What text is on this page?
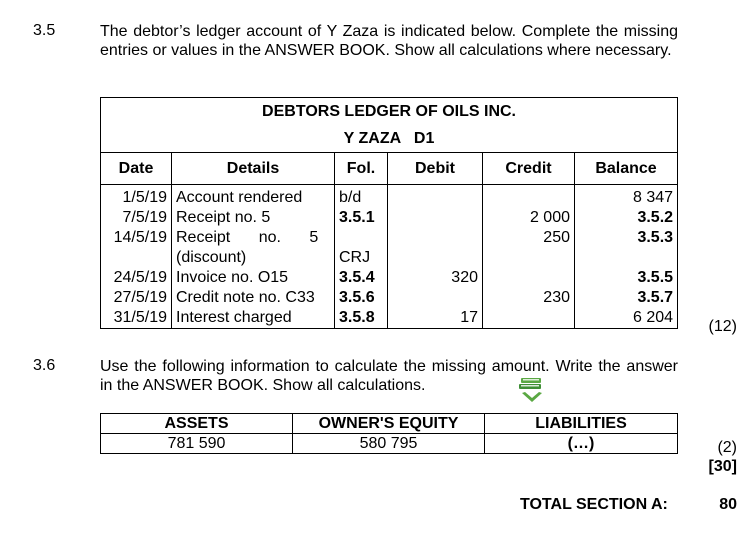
3.5	The debtor’s ledger account of Y Zaza is indicated below. Complete the missing entries or values in the ANSWER BOOK. Show all calculations where necessary.
DEBTORS LEDGER OF OILS INC.					
Y ZAZA   D1					
Date	Details	Fol.	Debit	Credit	Balance
1/5/19	Account rendered	b/d			8 347
7/5/19	Receipt no. 5	3.5.1		2 000	3.5.2
14/5/19	Receipt no. 5			250	3.5.3
	(discount)	CRJ			
24/5/19	Invoice no. O15	3.5.4	320		3.5.5
27/5/19	Credit note no. C33	3.5.6		230	3.5.7
31/5/19	Interest charged	3.5.8	17		6 204
(12)
3.6	Use the following information to calculate the missing amount. Write the answer in the ANSWER BOOK. Show all calculations.
ASSETS	OWNER'S EQUITY	LIABILITIES
781 590	580 795	(…)	(2)
[30]
TOTAL SECTION A:	80
